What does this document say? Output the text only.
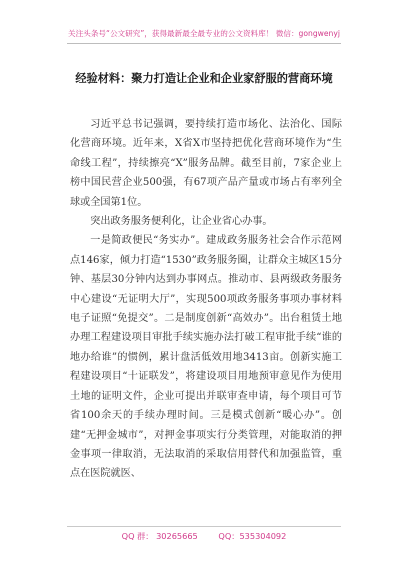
关注头条号“公文研究”，获得最新最全最专业的公文资料库！ 微信：gongwenyj
经验材料：聚力打造让企业和企业家舒服的营商环境

习近平总书记强调，要持续打造市场化、法治化、国际化营商环境。近年来，X省X市坚持把优化营商环境作为“生命线工程”，持续擦亮“X”服务品牌。截至目前，7家企业上榜中国民营企业500强，有67项产品产量或市场占有率列全球或全国第1位。

突出政务服务便利化，让企业省心办事。

一是简政便民“务实办”。建成政务服务社会合作示范网点146家，倾力打造“1530”政务服务圈，让群众主城区15分钟、基层30分钟内达到办事网点。推动市、县两级政务服务中心建设“无证明大厅”，实现500项政务服务事项办事材料电子证照“免提交”。二是制度创新“高效办”。出台租赁土地办理工程建设项目审批手续实施办法打破工程审批手续“谁的地办给谁”的惯例，累计盘活低效用地3413亩。创新实施工程建设项目“十证联发”，将建设项目用地预审意见作为使用土地的证明文件，企业可提出并联审查申请，每个项目可节省100余天的手续办理时间。三是模式创新“暖心办”。创建“无押金城市”，对押金事项实行分类管理，对能取消的押金事项一律取消，无法取消的采取信用替代和加强监管，重点在医院就医、

QQ 群： 30265665	QQ：535304092
